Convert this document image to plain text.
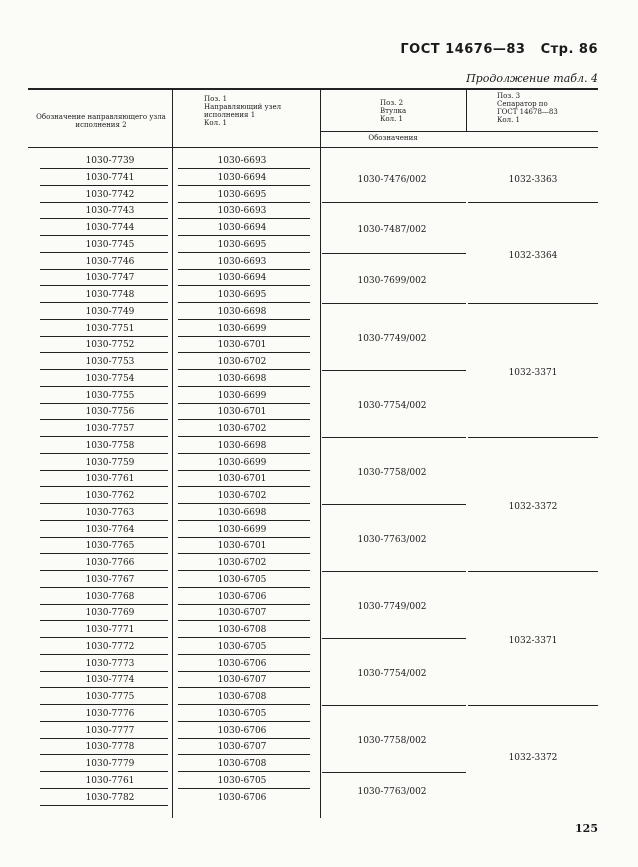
ГОСТ 14676—83 Стр. 86
Продолжение табл. 4
Обозначение направляющего узла исполнения 2
Поз. 1
Направляющий узел
исполнения 1
Кол. 1
Поз. 2
Втулка
Кол. 1
Поз. 3
Сепаратор по
ГОСТ 14678—83
Кол. 1
Обозначения
1030-7739
1030-7741
1030-7742
1030-7743
1030-7744
1030-7745
1030-7746
1030-7747
1030-7748
1030-7749
1030-7751
1030-7752
1030-7753
1030-7754
1030-7755
1030-7756
1030-7757
1030-7758
1030-7759
1030-7761
1030-7762
1030-7763
1030-7764
1030-7765
1030-7766
1030-7767
1030-7768
1030-7769
1030-7771
1030-7772
1030-7773
1030-7774
1030-7775
1030-7776
1030-7777
1030-7778
1030-7779
1030-7761
1030-7782
1030-6693
1030-6694
1030-6695
1030-6693
1030-6694
1030-6695
1030-6693
1030-6694
1030-6695
1030-6698
1030-6699
1030-6701
1030-6702
1030-6698
1030-6699
1030-6701
1030-6702
1030-6698
1030-6699
1030-6701
1030-6702
1030-6698
1030-6699
1030-6701
1030-6702
1030-6705
1030-6706
1030-6707
1030-6708
1030-6705
1030-6706
1030-6707
1030-6708
1030-6705
1030-6706
1030-6707
1030-6708
1030-6705
1030-6706
1030-7476/002
1030-7487/002
1030-7699/002
1030-7749/002
1030-7754/002
1030-7758/002
1030-7763/002
1030-7749/002
1030-7754/002
1030-7758/002
1030-7763/002
1032-3363
1032-3364
1032-3371
1032-3372
1032-3371
1032-3372
125
